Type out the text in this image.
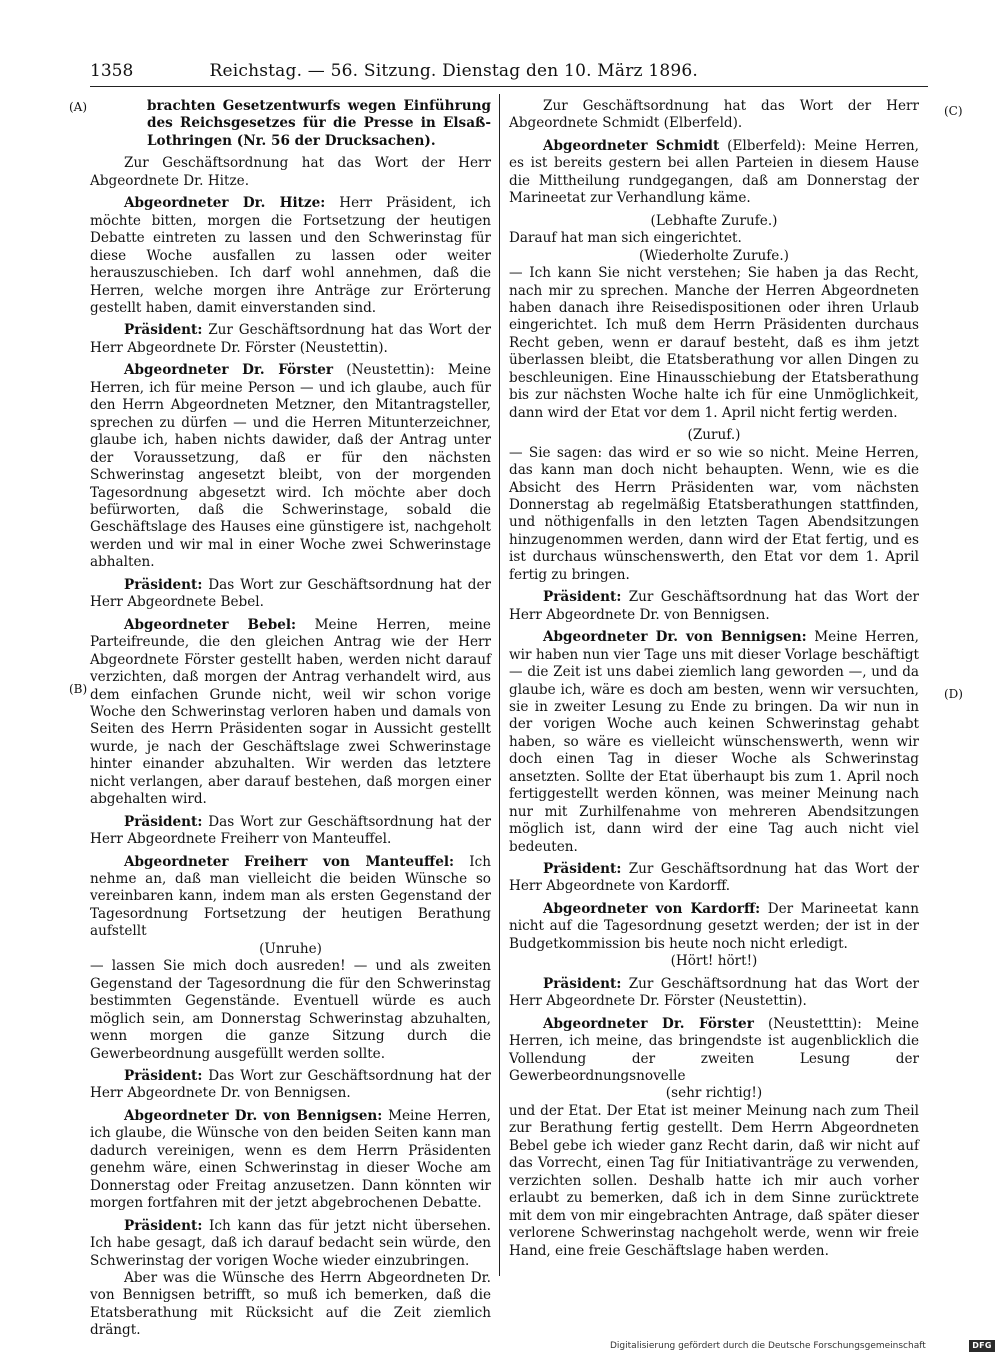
1358	Reichstag. — 56. Sitzung. Dienstag den 10. März 1896.
(A)
(B)
(C)
(D)

brachten Gesetzentwurfs wegen Einführung des Reichsgesetzes für die Presse in Elsaß-Lothringen (Nr. 56 der Drucksachen).

Zur Geschäftsordnung hat das Wort der Herr Abgeordnete Dr. Hitze.

Abgeordneter Dr. Hitze: Herr Präsident, ich möchte bitten, morgen die Fortsetzung der heutigen Debatte eintreten zu lassen und den Schwerinstag für diese Woche ausfallen zu lassen oder weiter herauszuschieben. Ich darf wohl annehmen, daß die Herren, welche morgen ihre Anträge zur Erörterung gestellt haben, damit einverstanden sind.

Präsident: Zur Geschäftsordnung hat das Wort der Herr Abgeordnete Dr. Förster (Neustettin).

Abgeordneter Dr. Förster (Neustettin): Meine Herren, ich für meine Person — und ich glaube, auch für den Herrn Abgeordneten Metzner, den Mitantragsteller, sprechen zu dürfen — und die Herren Mitunterzeichner, glaube ich, haben nichts dawider, daß der Antrag unter der Voraussetzung, daß er für den nächsten Schwerinstag angesetzt bleibt, von der morgenden Tagesordnung abgesetzt wird. Ich möchte aber doch befürworten, daß die Schwerinstage, sobald die Geschäftslage des Hauses eine günstigere ist, nachgeholt werden und wir mal in einer Woche zwei Schwerinstage abhalten.

Präsident: Das Wort zur Geschäftsordnung hat der Herr Abgeordnete Bebel.

Abgeordneter Bebel: Meine Herren, meine Parteifreunde, die den gleichen Antrag wie der Herr Abgeordnete Förster gestellt haben, werden nicht darauf verzichten, daß morgen der Antrag verhandelt wird, aus dem einfachen Grunde nicht, weil wir schon vorige Woche den Schwerinstag verloren haben und damals von Seiten des Herrn Präsidenten sogar in Aussicht gestellt wurde, je nach der Geschäftslage zwei Schwerinstage hinter einander abzuhalten. Wir werden das letztere nicht verlangen, aber darauf bestehen, daß morgen einer abgehalten wird.

Präsident: Das Wort zur Geschäftsordnung hat der Herr Abgeordnete Freiherr von Manteuffel.

Abgeordneter Freiherr von Manteuffel: Ich nehme an, daß man vielleicht die beiden Wünsche so vereinbaren kann, indem man als ersten Gegenstand der Tagesordnung Fortsetzung der heutigen Berathung aufstellt

(Unruhe)

— lassen Sie mich doch ausreden! — und als zweiten Gegenstand der Tagesordnung die für den Schwerinstag bestimmten Gegenstände. Eventuell würde es auch möglich sein, am Donnerstag Schwerinstag abzuhalten, wenn morgen die ganze Sitzung durch die Gewerbeordnung ausgefüllt werden sollte.

Präsident: Das Wort zur Geschäftsordnung hat der Herr Abgeordnete Dr. von Bennigsen.

Abgeordneter Dr. von Bennigsen: Meine Herren, ich glaube, die Wünsche von den beiden Seiten kann man dadurch vereinigen, wenn es dem Herrn Präsidenten genehm wäre, einen Schwerinstag in dieser Woche am Donnerstag oder Freitag anzusetzen. Dann könnten wir morgen fortfahren mit der jetzt abgebrochenen Debatte.

Präsident: Ich kann das für jetzt nicht übersehen. Ich habe gesagt, daß ich darauf bedacht sein würde, den Schwerinstag der vorigen Woche wieder einzubringen.

Aber was die Wünsche des Herrn Abgeordneten Dr. von Bennigsen betrifft, so muß ich bemerken, daß die Etatsberathung mit Rücksicht auf die Zeit ziemlich drängt.

Zur Geschäftsordnung hat das Wort der Herr Abgeordnete Schmidt (Elberfeld).

Abgeordneter Schmidt (Elberfeld): Meine Herren, es ist bereits gestern bei allen Parteien in diesem Hause die Mittheilung rundgegangen, daß am Donnerstag der Marineetat zur Verhandlung käme.

(Lebhafte Zurufe.)

Darauf hat man sich eingerichtet.

(Wiederholte Zurufe.)

— Ich kann Sie nicht verstehen; Sie haben ja das Recht, nach mir zu sprechen. Manche der Herren Abgeordneten haben danach ihre Reisedispositionen oder ihren Urlaub eingerichtet. Ich muß dem Herrn Präsidenten durchaus Recht geben, wenn er darauf besteht, daß es ihm jetzt überlassen bleibt, die Etatsberathung vor allen Dingen zu beschleunigen. Eine Hinausschiebung der Etatsberathung bis zur nächsten Woche halte ich für eine Unmöglichkeit, dann wird der Etat vor dem 1. April nicht fertig werden.

(Zuruf.)

— Sie sagen: das wird er so wie so nicht. Meine Herren, das kann man doch nicht behaupten. Wenn, wie es die Absicht des Herrn Präsidenten war, vom nächsten Donnerstag ab regelmäßig Etatsberathungen stattfinden, und nöthigenfalls in den letzten Tagen Abendsitzungen hinzugenommen werden, dann wird der Etat fertig, und es ist durchaus wünschenswerth, den Etat vor dem 1. April fertig zu bringen.

Präsident: Zur Geschäftsordnung hat das Wort der Herr Abgeordnete Dr. von Bennigsen.

Abgeordneter Dr. von Bennigsen: Meine Herren, wir haben nun vier Tage uns mit dieser Vorlage beschäftigt — die Zeit ist uns dabei ziemlich lang geworden —, und da glaube ich, wäre es doch am besten, wenn wir versuchten, sie in zweiter Lesung zu Ende zu bringen. Da wir nun in der vorigen Woche auch keinen Schwerinstag gehabt haben, so wäre es vielleicht wünschenswerth, wenn wir doch einen Tag in dieser Woche als Schwerinstag ansetzten. Sollte der Etat überhaupt bis zum 1. April noch fertiggestellt werden können, was meiner Meinung nach nur mit Zurhilfenahme von mehreren Abendsitzungen möglich ist, dann wird der eine Tag auch nicht viel bedeuten.

Präsident: Zur Geschäftsordnung hat das Wort der Herr Abgeordnete von Kardorff.

Abgeordneter von Kardorff: Der Marineetat kann nicht auf die Tagesordnung gesetzt werden; der ist in der Budgetkommission bis heute noch nicht erledigt.

(Hört! hört!)

Präsident: Zur Geschäftsordnung hat das Wort der Herr Abgeordnete Dr. Förster (Neustettin).

Abgeordneter Dr. Förster (Neustetttin): Meine Herren, ich meine, das bringendste ist augenblicklich die Vollendung der zweiten Lesung der Gewerbeordnungsnovelle

(sehr richtig!)

und der Etat. Der Etat ist meiner Meinung nach zum Theil zur Berathung fertig gestellt. Dem Herrn Abgeordneten Bebel gebe ich wieder ganz Recht darin, daß wir nicht auf das Vorrecht, einen Tag für Initiativanträge zu verwenden, verzichten sollen. Deshalb hatte ich mir auch vorher erlaubt zu bemerken, daß ich in dem Sinne zurücktrete mit dem von mir eingebrachten Antrage, daß später dieser verlorene Schwerinstag nachgeholt werde, wenn wir freie Hand, eine freie Geschäftslage haben werden.

Digitalisierung gefördert durch die Deutsche Forschungsgemeinschaft	DFG
